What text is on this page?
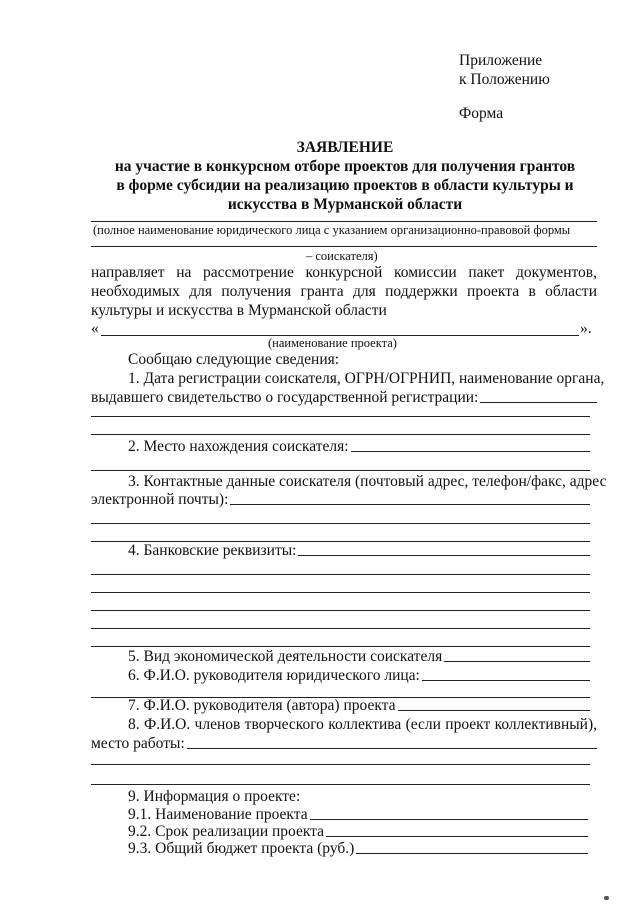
Приложение
к Положению
Форма
ЗАЯВЛЕНИЕ
на участие в конкурсном отборе проектов для получения грантов
в форме субсидии на реализацию проектов в области культуры и
искусства в Мурманской области
(полное наименование юридического лица с указанием организационно-правовой формы
– соискателя)
направляет на рассмотрение конкурсной комиссии пакет документов,
необходимых для получения гранта для поддержки проекта в области
культуры и искусства в Мурманской области
«	».
(наименование проекта)
Сообщаю следующие сведения:
1. Дата регистрации соискателя, ОГРН/ОГРНИП, наименование органа,
выдавшего свидетельство о государственной регистрации:
2. Место нахождения соискателя:
3. Контактные данные соискателя (почтовый адрес, телефон/факс, адрес
электронной почты):
4. Банковские реквизиты:
5. Вид экономической деятельности соискателя
6. Ф.И.О. руководителя юридического лица:
7. Ф.И.О. руководителя (автора) проекта
8. Ф.И.О. членов творческого коллектива (если проект коллективный),
место работы:
9. Информация о проекте:
9.1. Наименование проекта
9.2. Срок реализации проекта
9.3. Общий бюджет проекта (руб.)
